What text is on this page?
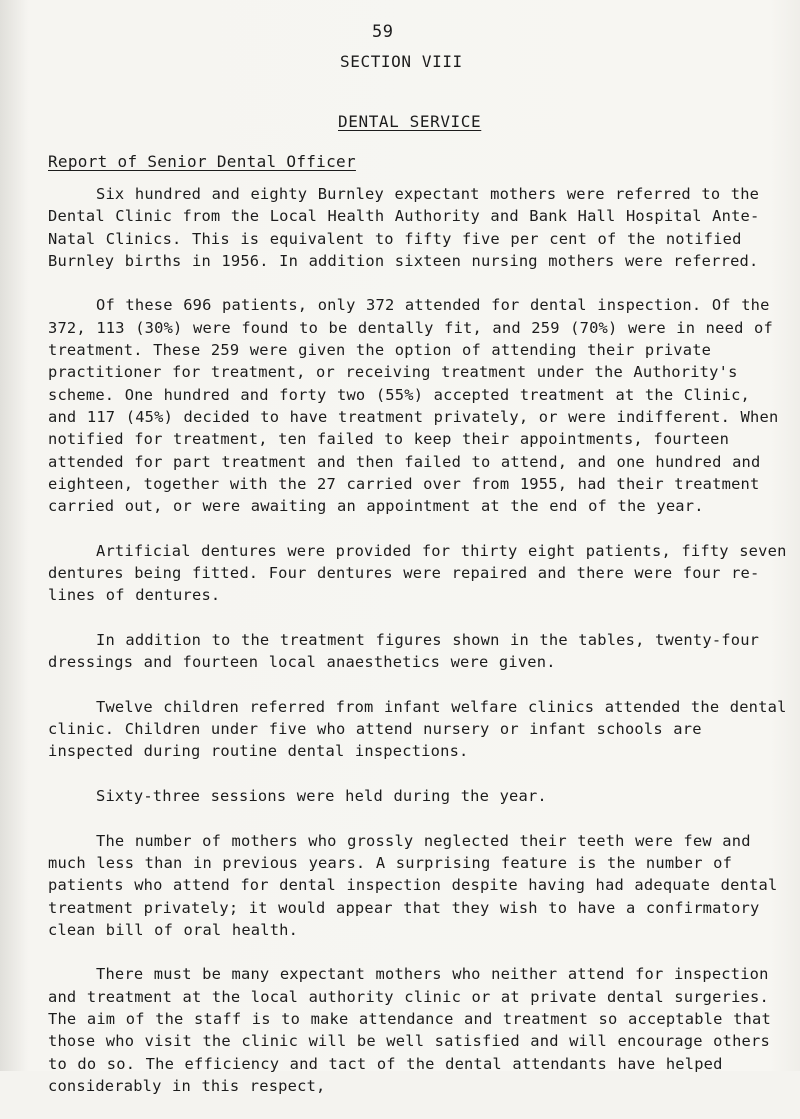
59
SECTION VIII
DENTAL SERVICE
Report of Senior Dental Officer

Six hundred and eighty Burnley expectant mothers were referred to the Dental Clinic from the Local Health Authority and Bank Hall Hospital Ante-Natal Clinics. This is equivalent to fifty five per cent of the notified Burnley births in 1956. In addition sixteen nursing mothers were referred.

Of these 696 patients, only 372 attended for dental inspection. Of the 372, 113 (30%) were found to be dentally fit, and 259 (70%) were in need of treatment. These 259 were given the option of attending their private practitioner for treatment, or receiving treatment under the Authority's scheme. One hundred and forty two (55%) accepted treatment at the Clinic, and 117 (45%) decided to have treatment privately, or were indifferent. When notified for treatment, ten failed to keep their appointments, fourteen attended for part treatment and then failed to attend, and one hundred and eighteen, together with the 27 carried over from 1955, had their treatment carried out, or were awaiting an appointment at the end of the year.

Artificial dentures were provided for thirty eight patients, fifty seven dentures being fitted. Four dentures were repaired and there were four re-lines of dentures.

In addition to the treatment figures shown in the tables, twenty-four dressings and fourteen local anaesthetics were given.

Twelve children referred from infant welfare clinics attended the dental clinic. Children under five who attend nursery or infant schools are inspected during routine dental inspections.

Sixty-three sessions were held during the year.

The number of mothers who grossly neglected their teeth were few and much less than in previous years. A surprising feature is the number of patients who attend for dental inspection despite having had adequate dental treatment privately; it would appear that they wish to have a confirmatory clean bill of oral health.

There must be many expectant mothers who neither attend for inspection and treatment at the local authority clinic or at private dental surgeries. The aim of the staff is to make attendance and treatment so acceptable that those who visit the clinic will be well satisfied and will encourage others to do so. The efficiency and tact of the dental attendants have helped considerably in this respect,
